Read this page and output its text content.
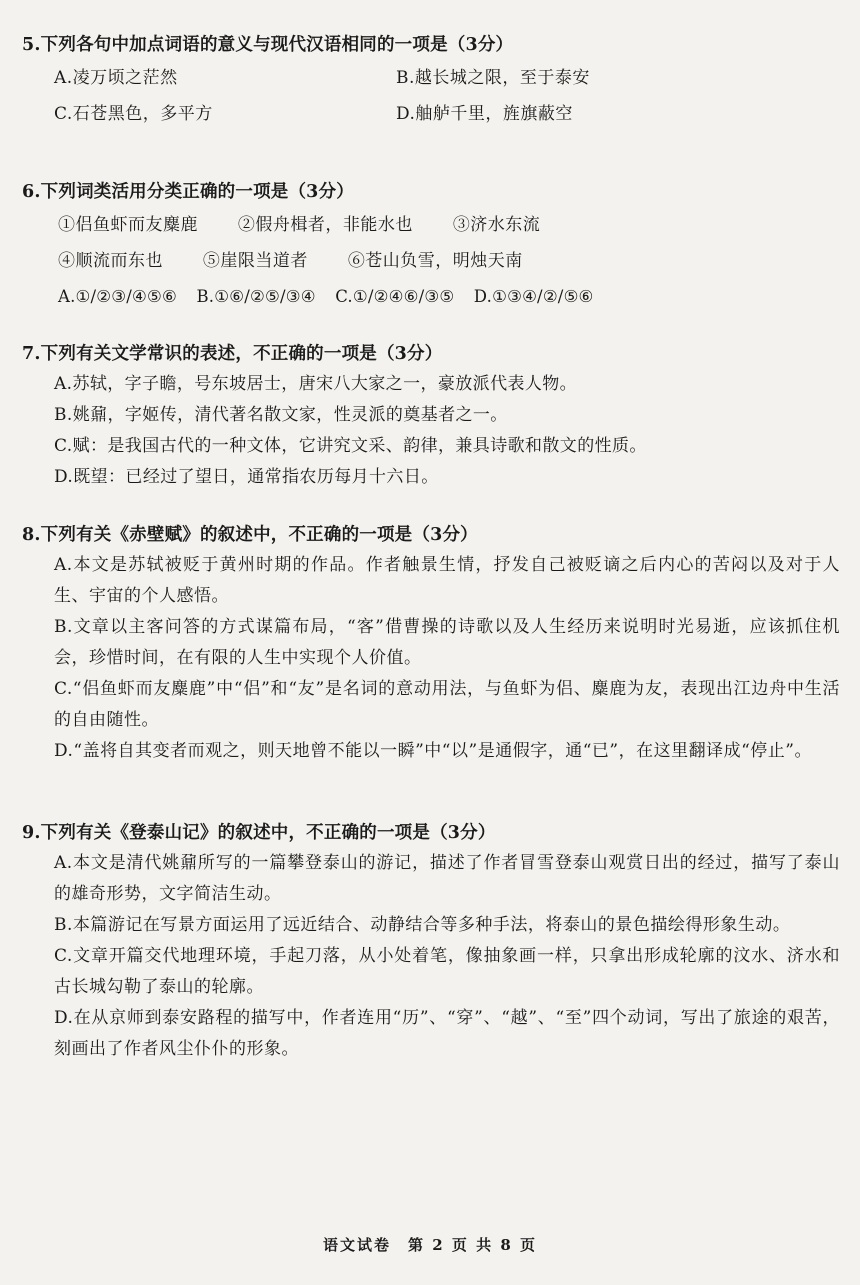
5.下列各句中加点词语的意义与现代汉语相同的一项是（3分）
A.凌万顷之茫然	B.越长城之限，至于泰安
C.石苍黑色，多平方	D.舳舻千里，旌旗蔽空
6.下列词类活用分类正确的一项是（3分）
①侣鱼虾而友麋鹿 ②假舟楫者，非能水也 ③济水东流
④顺流而东也 ⑤崖限当道者 ⑥苍山负雪，明烛天南
A.①/②③/④⑤⑥ B.①⑥/②⑤/③④ C.①/②④⑥/③⑤ D.①③④/②/⑤⑥
7.下列有关文学常识的表述，不正确的一项是（3分）
A.苏轼，字子瞻，号东坡居士，唐宋八大家之一，豪放派代表人物。
B.姚鼐，字姬传，清代著名散文家，性灵派的奠基者之一。
C.赋：是我国古代的一种文体，它讲究文采、韵律，兼具诗歌和散文的性质。
D.既望：已经过了望日，通常指农历每月十六日。
8.下列有关《赤壁赋》的叙述中，不正确的一项是（3分）
A.本文是苏轼被贬于黄州时期的作品。作者触景生情，抒发自己被贬谪之后内心的苦闷以及对于人生、宇宙的个人感悟。
B.文章以主客问答的方式谋篇布局，“客”借曹操的诗歌以及人生经历来说明时光易逝，应该抓住机会，珍惜时间，在有限的人生中实现个人价值。
C.“侣鱼虾而友麋鹿”中“侣”和“友”是名词的意动用法，与鱼虾为侣、麋鹿为友，表现出江边舟中生活的自由随性。
D.“盖将自其变者而观之，则天地曾不能以一瞬”中“以”是通假字，通“已”，在这里翻译成“停止”。
9.下列有关《登泰山记》的叙述中，不正确的一项是（3分）
A.本文是清代姚鼐所写的一篇攀登泰山的游记，描述了作者冒雪登泰山观赏日出的经过，描写了泰山的雄奇形势，文字简洁生动。
B.本篇游记在写景方面运用了远近结合、动静结合等多种手法，将泰山的景色描绘得形象生动。
C.文章开篇交代地理环境，手起刀落，从小处着笔，像抽象画一样，只拿出形成轮廓的汶水、济水和古长城勾勒了泰山的轮廓。
D.在从京师到泰安路程的描写中，作者连用“历”、“穿”、“越”、“至”四个动词，写出了旅途的艰苦，刻画出了作者风尘仆仆的形象。
语文试卷　第 2 页 共 8 页
